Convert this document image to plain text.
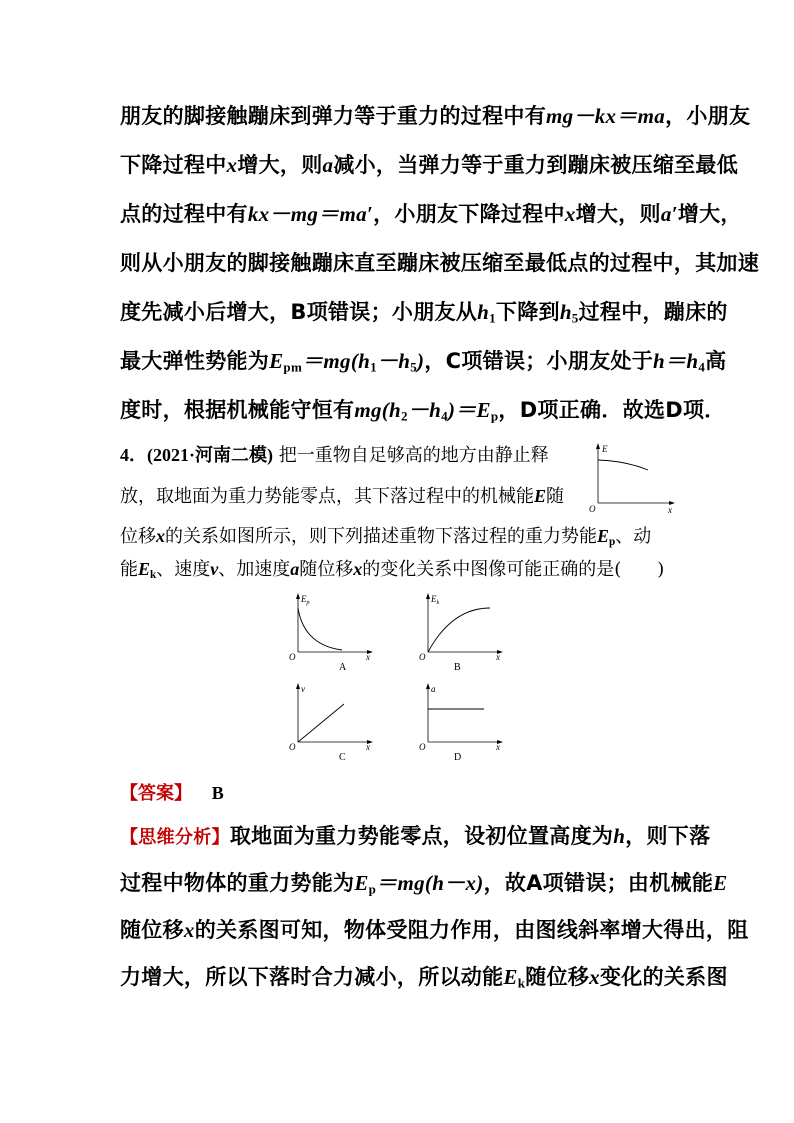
朋友的脚接触蹦床到弹力等于重力的过程中有mg－kx＝ma，小朋友
下降过程中x增大，则a减小，当弹力等于重力到蹦床被压缩至最低
点的过程中有kx－mg＝ma′，小朋友下降过程中x增大，则a′增大，
则从小朋友的脚接触蹦床直至蹦床被压缩至最低点的过程中，其加速
度先减小后增大，B项错误；小朋友从$h_1$下降到$h_5$过程中，蹦床的
最大弹性势能为$E_{pm}=mg(h_1-h_5)$，C项错误；小朋友处于$h=h_4$高
度时，根据机械能守恒有$mg(h_2-h_4)=E_p$，D项正确．故选D项．
4．(2021·河南二模) 把一重物自足够高的地方由静止释
放，取地面为重力势能零点，其下落过程中的机械能E随
位移x的关系如图所示，则下列描述重物下落过程的重力势能$E_p$、动
能$E_k$、速度v、加速度a随位移x的变化关系中图像可能正确的是(　　)
E
x
O
$E_p$
x
O
A
$E_k$
x
O
B
v
x
O
C
a
x
O
D
【答案】 B
【思维分析】取地面为重力势能零点，设初位置高度为h，则下落
过程中物体的重力势能为$E_p=mg(h-x)$，故A项错误；由机械能E
随位移x的关系图可知，物体受阻力作用，由图线斜率增大得出，阻
力增大，所以下落时合力减小，所以动能$E_k$随位移x变化的关系图
